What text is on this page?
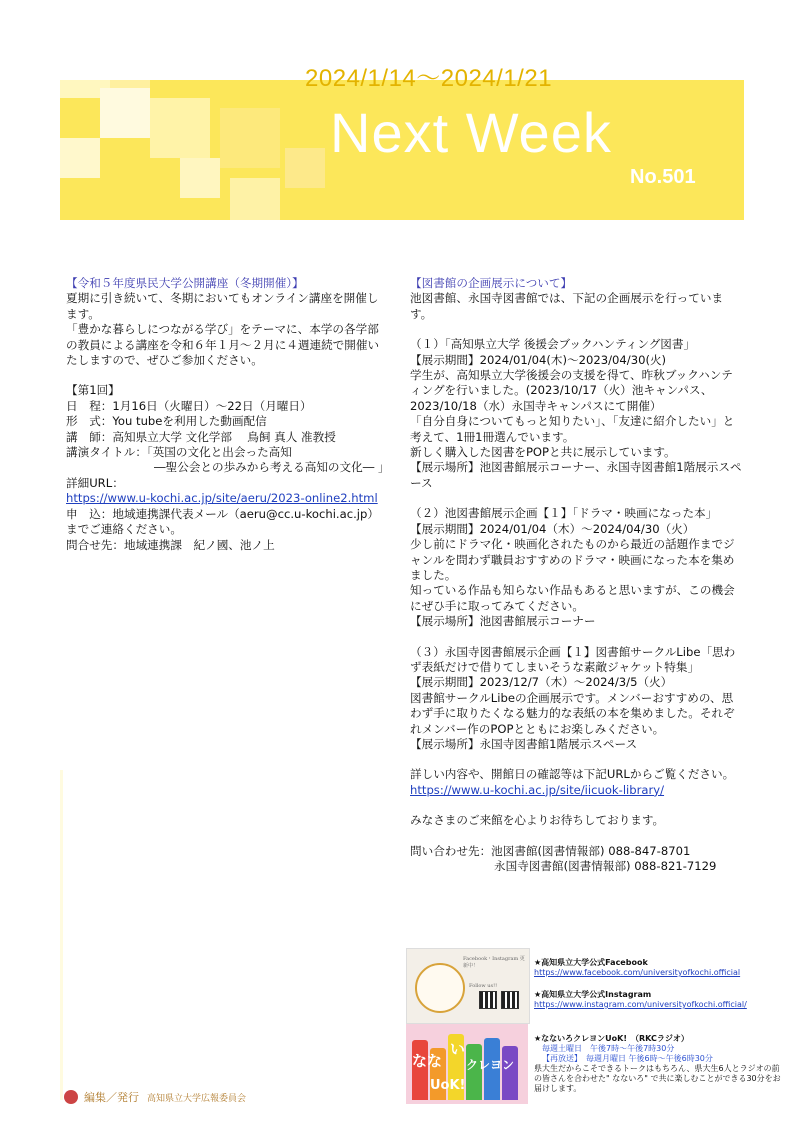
2024/1/14～2024/1/21
Next Week
No.501

【令和５年度県民大学公開講座（冬期開催）】

夏期に引き続いて、冬期においてもオンライン講座を開催します。

「豊かな暮らしにつながる学び」をテーマに、本学の各学部の教員による講座を令和６年１月～２月に４週連続で開催いたしますので、ぜひご参加ください。

【第1回】

日　程：1月16日（火曜日）～22日（月曜日）

形　式：You tubeを利用した動画配信

講　師：高知県立大学 文化学部　 鳥飼 真人 准教授

講演タイトル：「英国の文化と出会った高知

―聖公会との歩みから考える高知の文化― 」

詳細URL：

https://www.u-kochi.ac.jp/site/aeru/2023-online2.html

申　込：地域連携課代表メール（aeru@cc.u-kochi.ac.jp）までご連絡ください。

問合せ先：地域連携課　紀ノ國、池ノ上

【図書館の企画展示について】

池図書館、永国寺図書館では、下記の企画展示を行っています。

（１）「高知県立大学 後援会ブックハンティング図書」

【展示期間】2024/01/04(木)～2023/04/30(火)

学生が、高知県立大学後援会の支援を得て、昨秋ブックハンティングを行いました。(2023/10/17（火）池キャンパス、2023/10/18（水）永国寺キャンパスにて開催）

「自分自身についてもっと知りたい」、「友達に紹介したい」と考えて、1冊1冊選んでいます。

新しく購入した図書をPOPと共に展示しています。

【展示場所】池図書館展示コーナー、永国寺図書館1階展示スペース

（２）池図書館展示企画【１】「ドラマ・映画になった本」

【展示期間】2024/01/04（木）～2024/04/30（火）

少し前にドラマ化・映画化されたものから最近の話題作までジャンルを問わず職員おすすめのドラマ・映画になった本を集めました。

知っている作品も知らない作品もあると思いますが、この機会にぜひ手に取ってみてください。

【展示場所】池図書館展示コーナー

（３）永国寺図書館展示企画【１】図書館サークルLibe「思わず表紙だけで借りてしまいそうな素敵ジャケット特集」

【展示期間】2023/12/7（木）～2024/3/5（火）

図書館サークルLibeの企画展示です。メンバーおすすめの、思わず手に取りたくなる魅力的な表紙の本を集めました。それぞれメンバー作のPOPとともにお楽しみください。

【展示場所】永国寺図書館1階展示スペース

詳しい内容や、開館日の確認等は下記URLからご覧ください。

https://www.u-kochi.ac.jp/site/iicuok-library/

みなさまのご来館を心よりお待ちしております。

問い合わせ先：池図書館(図書情報部) 088-847-8701

永国寺図書館(図書情報部) 088-821-7129

Facebook・Instagram 更新中！
Follow us!!
★高知県立大学公式Facebook
https://www.facebook.com/universityofkochi.official
★高知県立大学公式Instagram
https://www.instagram.com/universityofkochi.official/
なな
い
クレヨン
UoK!
★なないろクレヨンUoK!　（RKCラジオ）
毎週土曜日　午後7時～午後7時30分
【再放送】　毎週月曜日 午後6時～午後6時30分
県大生だからこそできるトークはもちろん、県大生6人とラジオの前の皆さんを合わせた" なないろ" で共に楽しむことができる30分をお届けします。
編集／発行 高知県立大学広報委員会
